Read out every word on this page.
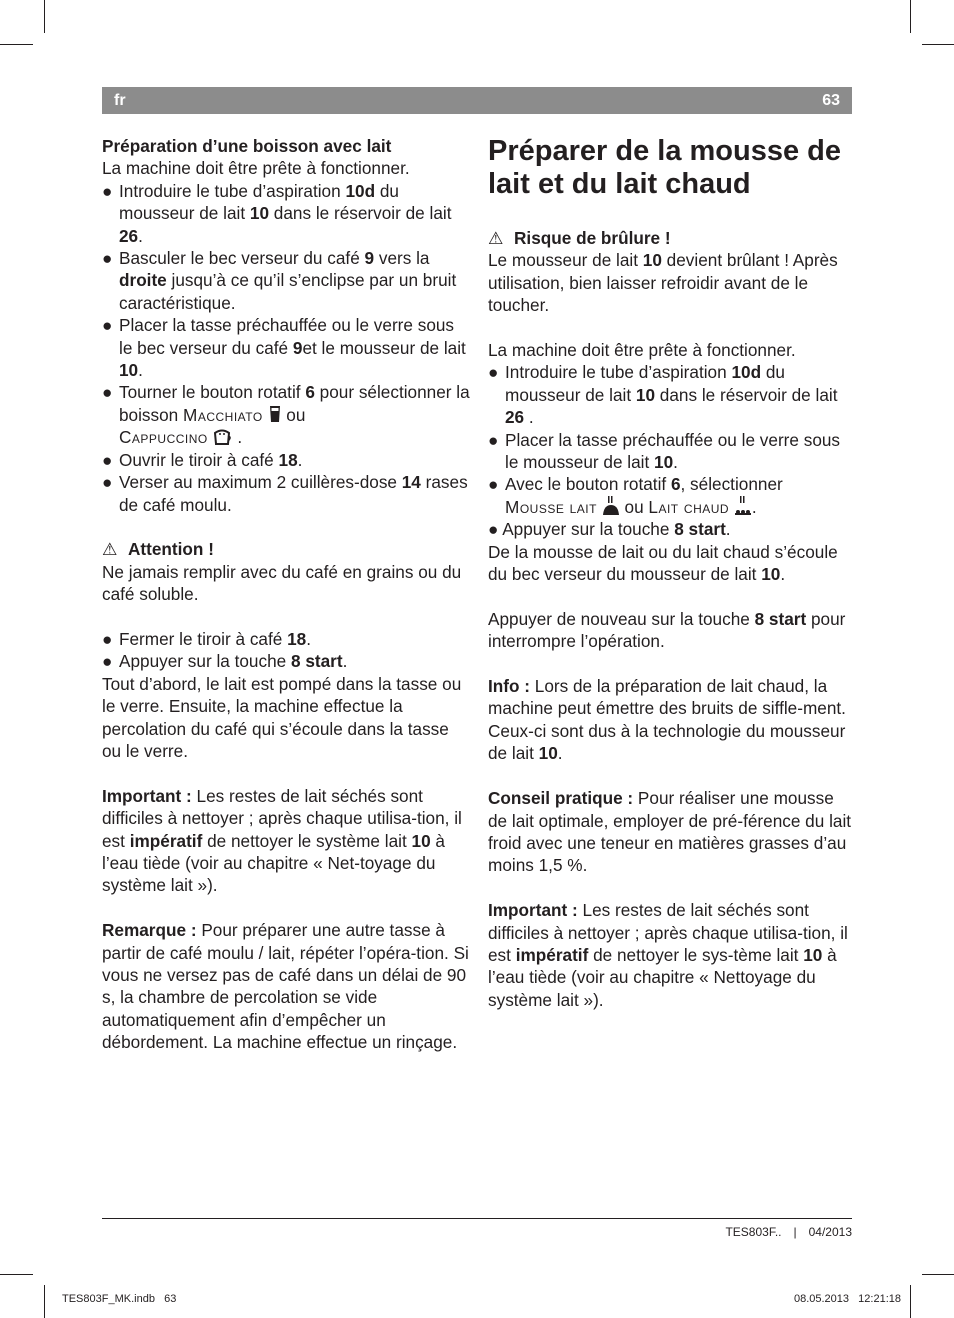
fr	63

Préparation d’une boisson avec lait

La machine doit être prête à fonctionner.

● Introduire le tube d’aspiration 10d du mousseur de lait 10 dans le réservoir de lait 26.
● Basculer le bec verseur du café 9 vers la droite jusqu’à ce qu’il s’enclipse par un bruit caractéristique.
● Placer la tasse préchauffée ou le verre sous le bec verseur du café 9et le mousseur de lait 10.
● Tourner le bouton rotatif 6 pour sélectionner la boisson Macchiato  ou
Cappuccino  .
● Ouvrir le tiroir à café 18.
● Verser au maximum 2 cuillères-dose 14 rases de café moulu.

⚠ Attention !

Ne jamais remplir avec du café en grains ou du café soluble.

● Fermer le tiroir à café 18.
● Appuyer sur la touche 8 start.

Tout d’abord, le lait est pompé dans la tasse ou le verre. Ensuite, la machine effectue la percolation du café qui s’écoule dans la tasse ou le verre.

Important : Les restes de lait séchés sont difficiles à nettoyer ; après chaque utilisa-tion, il est impératif de nettoyer le système lait 10 à l’eau tiède (voir au chapitre « Net-toyage du système lait »).

Remarque : Pour préparer une autre tasse à partir de café moulu / lait, répéter l’opéra-tion. Si vous ne versez pas de café dans un délai de 90 s, la chambre de percolation se vide automatiquement afin d’empêcher un débordement. La machine effectue un rinçage.

Préparer de la mousse de lait et du lait chaud

⚠ Risque de brûlure !

Le mousseur de lait 10 devient brûlant ! Après utilisation, bien laisser refroidir avant de le toucher.

La machine doit être prête à fonctionner.

● Introduire le tube d’aspiration 10d du mousseur de lait 10 dans le réservoir de lait 26 .
● Placer la tasse préchauffée ou le verre sous le mousseur de lait 10.
● Avec le bouton rotatif 6, sélectionner
Mousse lait  ou Lait chaud .

● Appuyer sur la touche 8 start.

De la mousse de lait ou du lait chaud s’écoule du bec verseur du mousseur de lait 10.

Appuyer de nouveau sur la touche 8 start pour interrompre l’opération.

Info : Lors de la préparation de lait chaud, la machine peut émettre des bruits de siffle-ment. Ceux-ci sont dus à la technologie du mousseur de lait 10.

Conseil pratique : Pour réaliser une mousse de lait optimale, employer de pré-férence du lait froid avec une teneur en matières grasses d’au moins 1,5 %.

Important : Les restes de lait séchés sont difficiles à nettoyer ; après chaque utilisa-tion, il est impératif de nettoyer le sys-tème lait 10 à l’eau tiède (voir au chapitre « Nettoyage du système lait »).

TES803F.. | 04/2013
TES803F_MK.indb   63	08.05.2013   12:21:18
